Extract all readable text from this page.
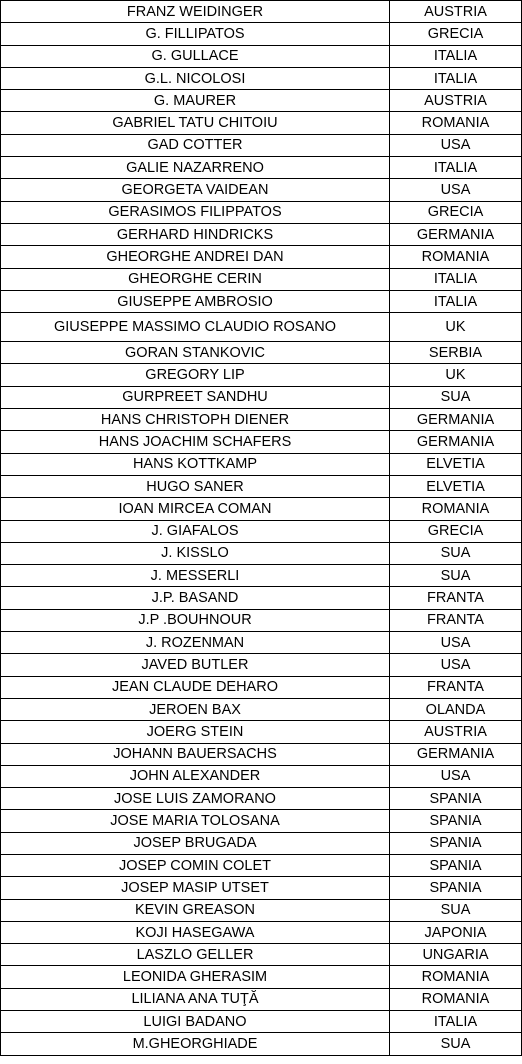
FRANZ WEIDINGER	AUSTRIA
G. FILLIPATOS	GRECIA
G. GULLACE	ITALIA
G.L. NICOLOSI	ITALIA
G. MAURER	AUSTRIA
GABRIEL TATU CHITOIU	ROMANIA
GAD COTTER	USA
GALIE NAZARRENO	ITALIA
GEORGETA VAIDEAN	USA
GERASIMOS FILIPPATOS	GRECIA
GERHARD HINDRICKS	GERMANIA
GHEORGHE ANDREI DAN	ROMANIA
GHEORGHE CERIN	ITALIA
GIUSEPPE AMBROSIO	ITALIA
GIUSEPPE MASSIMO CLAUDIO ROSANO	UK
GORAN STANKOVIC	SERBIA
GREGORY LIP	UK
GURPREET SANDHU	SUA
HANS CHRISTOPH DIENER	GERMANIA
HANS JOACHIM SCHAFERS	GERMANIA
HANS KOTTKAMP	ELVETIA
HUGO SANER	ELVETIA
IOAN MIRCEA COMAN	ROMANIA
J. GIAFALOS	GRECIA
J. KISSLO	SUA
J. MESSERLI	SUA
J.P. BASAND	FRANTA
J.P .BOUHNOUR	FRANTA
J. ROZENMAN	USA
JAVED BUTLER	USA
JEAN CLAUDE DEHARO	FRANTA
JEROEN BAX	OLANDA
JOERG STEIN	AUSTRIA
JOHANN BAUERSACHS	GERMANIA
JOHN ALEXANDER	USA
JOSE LUIS ZAMORANO	SPANIA
JOSE MARIA TOLOSANA	SPANIA
JOSEP BRUGADA	SPANIA
JOSEP COMIN COLET	SPANIA
JOSEP MASIP UTSET	SPANIA
KEVIN GREASON	SUA
KOJI HASEGAWA	JAPONIA
LASZLO GELLER	UNGARIA
LEONIDA GHERASIM	ROMANIA
LILIANA ANA TUŢĂ	ROMANIA
LUIGI BADANO	ITALIA
M.GHEORGHIADE	SUA
